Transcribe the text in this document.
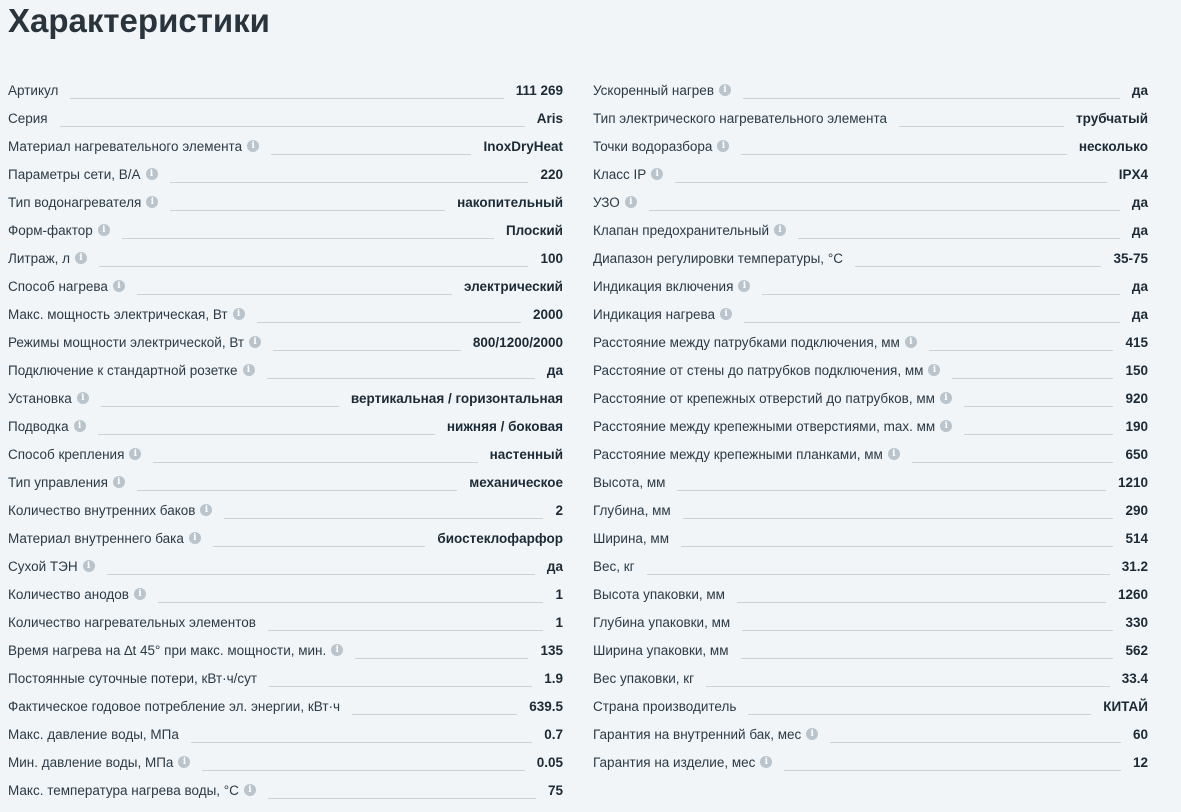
Характеристики
Артикул	111 269
Серия	Aris
Материал нагревательного элемента	i	InoxDryHeat
Параметры сети, В/А	i	220
Тип водонагревателя	i	накопительный
Форм-фактор	i	Плоский
Литраж, л	i	100
Способ нагрева	i	электрический
Макс. мощность электрическая, Вт	i	2000
Режимы мощности электрической, Вт	i	800/1200/2000
Подключение к стандартной розетке	i	да
Установка	i	вертикальная / горизонтальная
Подводка	i	нижняя / боковая
Способ крепления	i	настенный
Тип управления	i	механическое
Количество внутренних баков	i	2
Материал внутреннего бака	i	биостеклофарфор
Сухой ТЭН	i	да
Количество анодов	i	1
Количество нагревательных элементов	1
Время нагрева на ∆t 45° при макс. мощности, мин.	i	135
Постоянные суточные потери, кВт·ч/сут	1.9
Фактическое годовое потребление эл. энергии, кВт·ч	639.5
Макс. давление воды, МПа	0.7
Мин. давление воды, МПа	i	0.05
Макс. температура нагрева воды, °С	i	75
Ускоренный нагрев	i	да
Тип электрического нагревательного элемента	трубчатый
Точки водоразбора	i	несколько
Класс IP	i	IPX4
УЗО	i	да
Клапан предохранительный	i	да
Диапазон регулировки температуры, °С	35-75
Индикация включения	i	да
Индикация нагрева	i	да
Расстояние между патрубками подключения, мм	i	415
Расстояние от стены до патрубков подключения, мм	i	150
Расстояние от крепежных отверстий до патрубков, мм	i	920
Расстояние между крепежными отверстиями, max. мм	i	190
Расстояние между крепежными планками, мм	i	650
Высота, мм	1210
Глубина, мм	290
Ширина, мм	514
Вес, кг	31.2
Высота упаковки, мм	1260
Глубина упаковки, мм	330
Ширина упаковки, мм	562
Вес упаковки, кг	33.4
Страна производитель	КИТАЙ
Гарантия на внутренний бак, мес	i	60
Гарантия на изделие, мес	i	12
